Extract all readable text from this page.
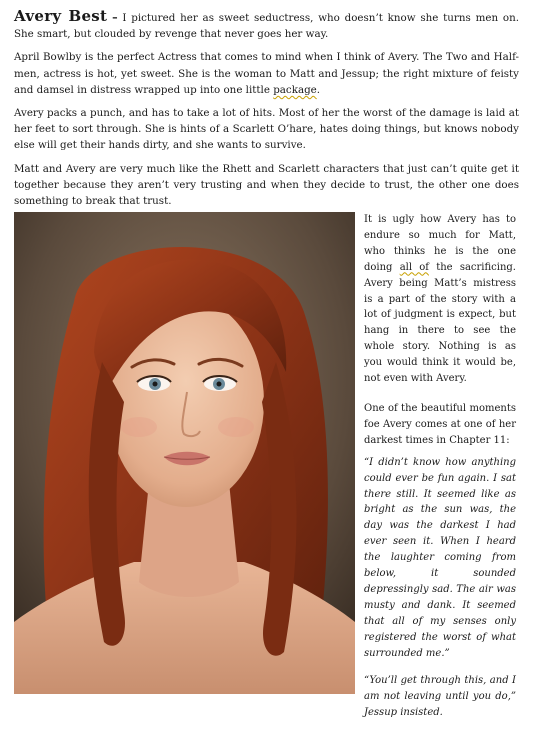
Avery Best – I pictured her as sweet seductress, who doesn’t know she turns men on. She smart, but clouded by revenge that never goes her way.

April Bowlby is the perfect Actress that comes to mind when I think of Avery. The Two and Half-men, actress is hot, yet sweet. She is the woman to Matt and Jessup; the right mixture of feisty and damsel in distress wrapped up into one little package.

Avery packs a punch, and has to take a lot of hits. Most of her the worst of the damage is laid at her feet to sort through. She is hints of a Scarlett O’hare, hates doing things, but knows nobody else will get their hands dirty, and she wants to survive.

Matt and Avery are very much like the Rhett and Scarlett characters that just can’t quite get it together because they aren’t very trusting and when they decide to trust, the other one does something to break that trust.

It is ugly how Avery has to endure so much for Matt, who thinks he is the one doing all of the sacrificing. Avery being Matt’s mistress is a part of the story with a lot of judgment is expect, but hang in there to see the whole story. Nothing is as you would think it would be, not even with Avery.

One of the beautiful moments foe Avery comes at one of her darkest times in Chapter 11:

“I didn’t know how anything could ever be fun again. I sat there still. It seemed like as bright as the sun was, the day was the darkest I had ever seen it. When I heard the laughter coming from below, it sounded depressingly sad. The air was musty and dank. It seemed that all of my senses only registered the worst of what surrounded me.”

“You’ll get through this, and I am not leaving until you do,” Jessup insisted.
